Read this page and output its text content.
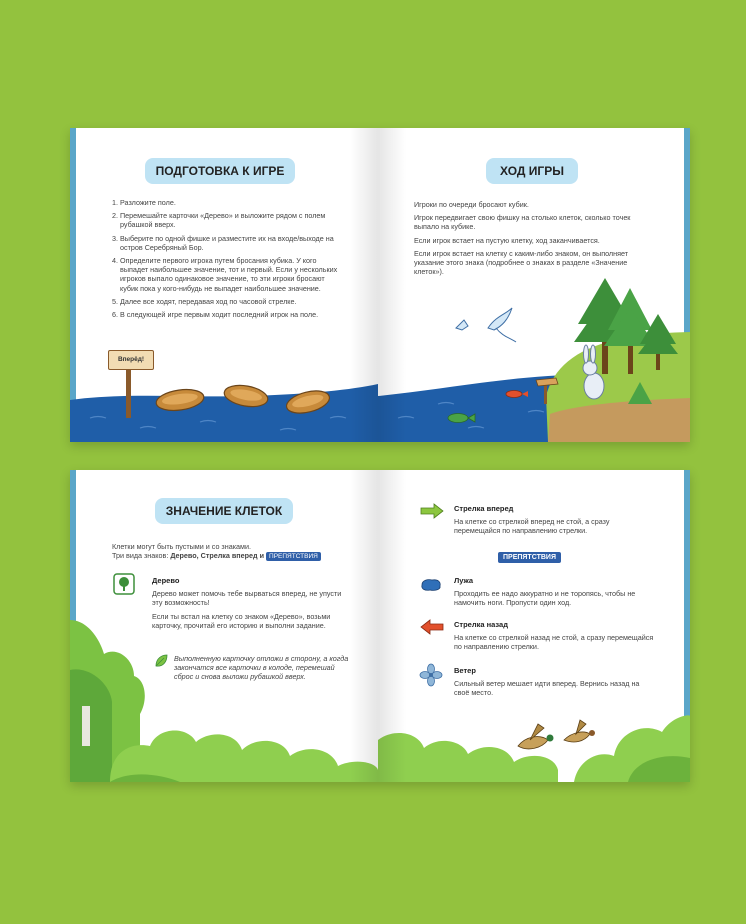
ПОДГОТОВКА К ИГРЕ
1. Разложите поле.
2. Перемешайте карточки «Дерево» и выложите рядом с полем рубашкой вверх.
3. Выберите по одной фишке и разместите их на входе/выходе на остров Серебряный Бор.
4. Определите первого игрока путем бросания кубика. У кого выпадет наибольшее значение, тот и первый. Если у нескольких игроков выпало одинаковое значение, то эти игроки бросают кубик пока у кого-нибудь не выпадет наибольшее значение.
5. Далее все ходят, передавая ход по часовой стрелке.
6. В следующей игре первым ходит последний игрок на поле.
Вперёд!
ХОД ИГРЫ

Игроки по очереди бросают кубик.

Игрок передвигает свою фишку на столько клеток, сколько точек выпало на кубике.

Если игрок встает на пустую клетку, ход заканчивается.

Если игрок встает на клетку с каким-либо знаком, он выполняет указание этого знака (подробнее о знаках в разделе «Значение клеток»).

ЗНАЧЕНИЕ КЛЕТОК
Клетки могут быть пустыми и со знаками.
Три вида знаков: Дерево, Стрелка вперед и ПРЕПЯТСТВИЯ

Дерево

Дерево может помочь тебе вырваться вперед, не упусти эту возможность!

Если ты встал на клетку со знаком «Дерево», возьми карточку, прочитай его историю и выполни задание.

Выполненную карточку отложи в сторону, а когда закончатся все карточки в колоде, перемешай сброс и снова выложи рубашкой вверх.

Стрелка вперед

На клетке со стрелкой вперед не стой, а сразу перемещайся по направлению стрелки.

ПРЕПЯТСТВИЯ

Лужа

Проходить ее надо аккуратно и не торопясь, чтобы не намочить ноги. Пропусти один ход.

Стрелка назад

На клетке со стрелкой назад не стой, а сразу перемещайся по направлению стрелки.

Ветер

Сильный ветер мешает идти вперед. Вернись назад на своё место.
